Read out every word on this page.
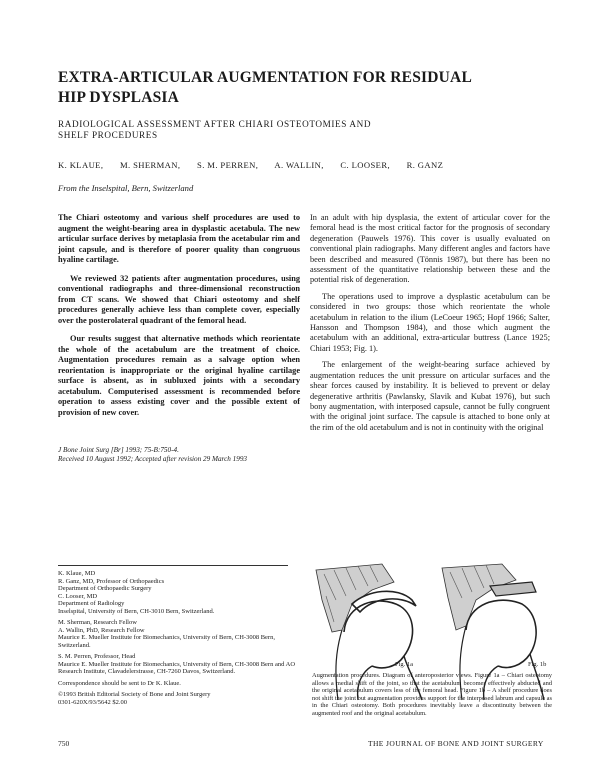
EXTRA-ARTICULAR AUGMENTATION FOR RESIDUAL
HIP DYSPLASIA
RADIOLOGICAL ASSESSMENT AFTER CHIARI OSTEOTOMIES AND
SHELF PROCEDURES
K. KLAUE, M. SHERMAN, S. M. PERREN, A. WALLIN, C. LOOSER, R. GANZ
From the Inselspital, Bern, Switzerland

The Chiari osteotomy and various shelf procedures are used to augment the weight-bearing area in dysplastic acetabula. The new articular surface derives by metaplasia from the acetabular rim and joint capsule, and is therefore of poorer quality than congruous hyaline cartilage.

We reviewed 32 patients after augmentation procedures, using conventional radiographs and three-dimensional reconstruction from CT scans. We showed that Chiari osteotomy and shelf procedures generally achieve less than complete cover, especially over the posterolateral quadrant of the femoral head.

Our results suggest that alternative methods which reorientate the whole of the acetabulum are the treatment of choice. Augmentation procedures remain as a salvage option when reorientation is inappropriate or the original hyaline cartilage surface is absent, as in subluxed joints with a secondary acetabulum. Computerised assessment is recommended before operation to assess existing cover and the possible extent of provision of new cover.

J Bone Joint Surg [Br] 1993; 75-B:750-4.
Received 10 August 1992; Accepted after revision 29 March 1993

In an adult with hip dysplasia, the extent of articular cover for the femoral head is the most critical factor for the prognosis of secondary degeneration (Pauwels 1976). This cover is usually evaluated on conventional plain radiographs. Many different angles and factors have been described and measured (Tönnis 1987), but there has been no assessment of the quantitative relationship between these and the potential risk of degeneration.

The operations used to improve a dysplastic acetabulum can be considered in two groups: those which reorientate the whole acetabulum in relation to the ilium (LeCoeur 1965; Hopf 1966; Salter, Hansson and Thompson 1984), and those which augment the acetabulum with an additional, extra-articular buttress (Lance 1925; Chiari 1953; Fig. 1).

The enlargement of the weight-bearing surface achieved by augmentation reduces the unit pressure on articular surfaces and the shear forces caused by instability. It is believed to prevent or delay degenerative arthritis (Pawlansky, Slavik and Kubat 1976), but such bony augmentation, with interposed capsule, cannot be fully congruent with the original joint surface. The capsule is attached to bone only at the rim of the old acetabulum and is not in continuity with the original

K. Klaue, MD
R. Ganz, MD, Professor of Orthopaedics
Department of Orthopaedic Surgery
C. Looser, MD
Department of Radiology
Inselspital, University of Bern, CH-3010 Bern, Switzerland.
M. Sherman, Research Fellow
A. Wallin, PhD, Research Fellow
Maurice E. Mueller Institute for Biomechanics, University of Bern, CH-3008 Bern, Switzerland.
S. M. Perren, Professor, Head
Maurice E. Mueller Institute for Biomechanics, University of Bern, CH-3008 Bern and AO Research Institute, Clavadelerstrasse, CH-7260 Davos, Switzerland.
Correspondence should be sent to Dr K. Klaue.
©1993 British Editorial Society of Bone and Joint Surgery
0301-620X/93/5642 $2.00
Fig. 1a	Fig. 1b
Augmentation procedures. Diagram of anteroposterior views. Figure 1a – Chiari osteotomy allows a medial shift of the joint, so that the acetabulum becomes effectively abducted and the original acetabulum covers less of the femoral head. Figure 1b – A shelf procedure does not shift the joint but augmentation provides support for the interposed labrum and capsule as in the Chiari osteotomy. Both procedures inevitably leave a discontinuity between the augmented roof and the original acetabulum.
750	THE JOURNAL OF BONE AND JOINT SURGERY
